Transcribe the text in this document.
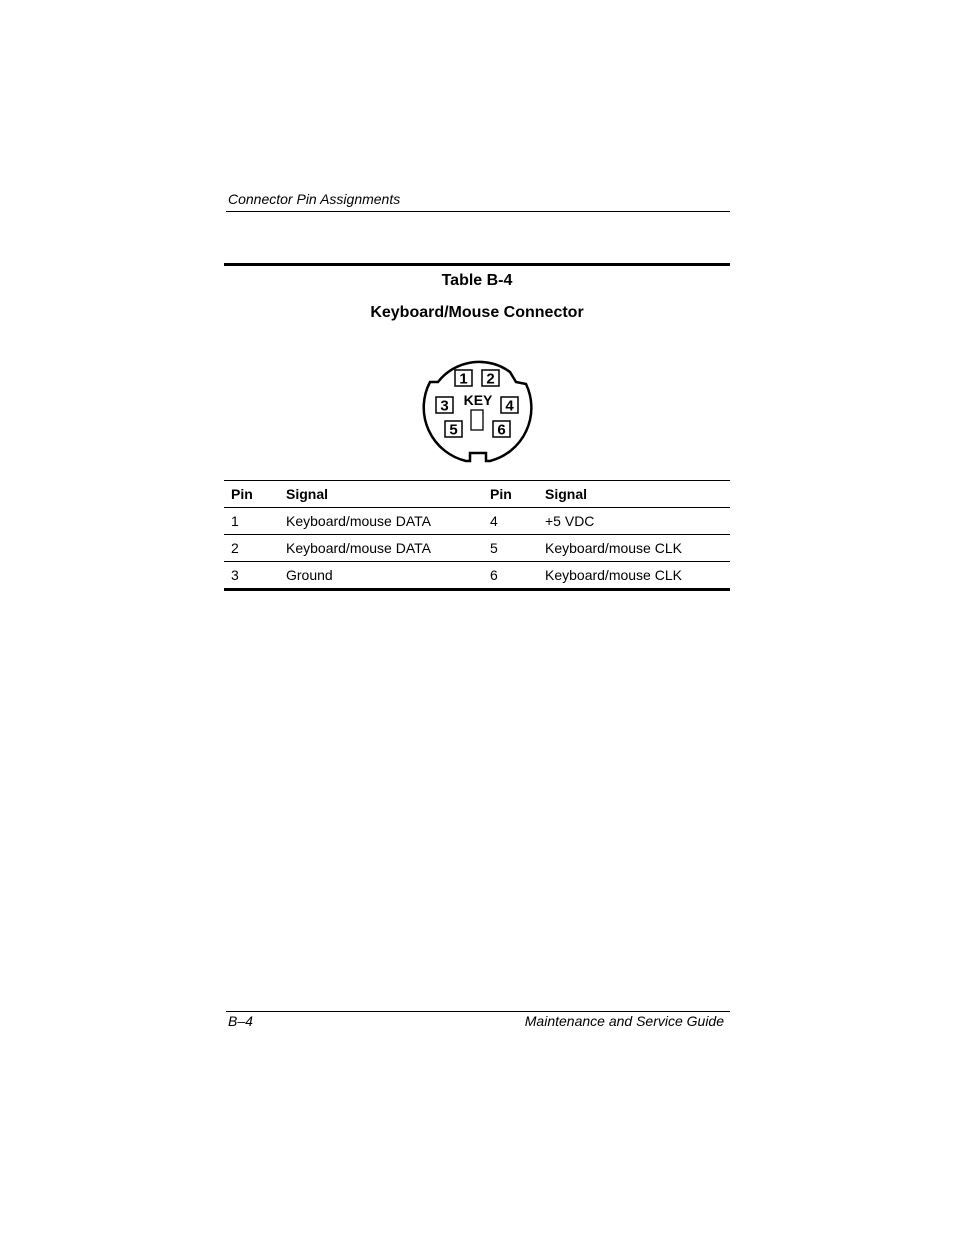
Connector Pin Assignments
Table B-4
Keyboard/Mouse Connector
1 2
3	4
5	6
KEY
Pin	Signal	Pin	Signal
1	Keyboard/mouse DATA	4	+5 VDC
2	Keyboard/mouse DATA	5	Keyboard/mouse CLK
3	Ground	6	Keyboard/mouse CLK
B–4	Maintenance and Service Guide
